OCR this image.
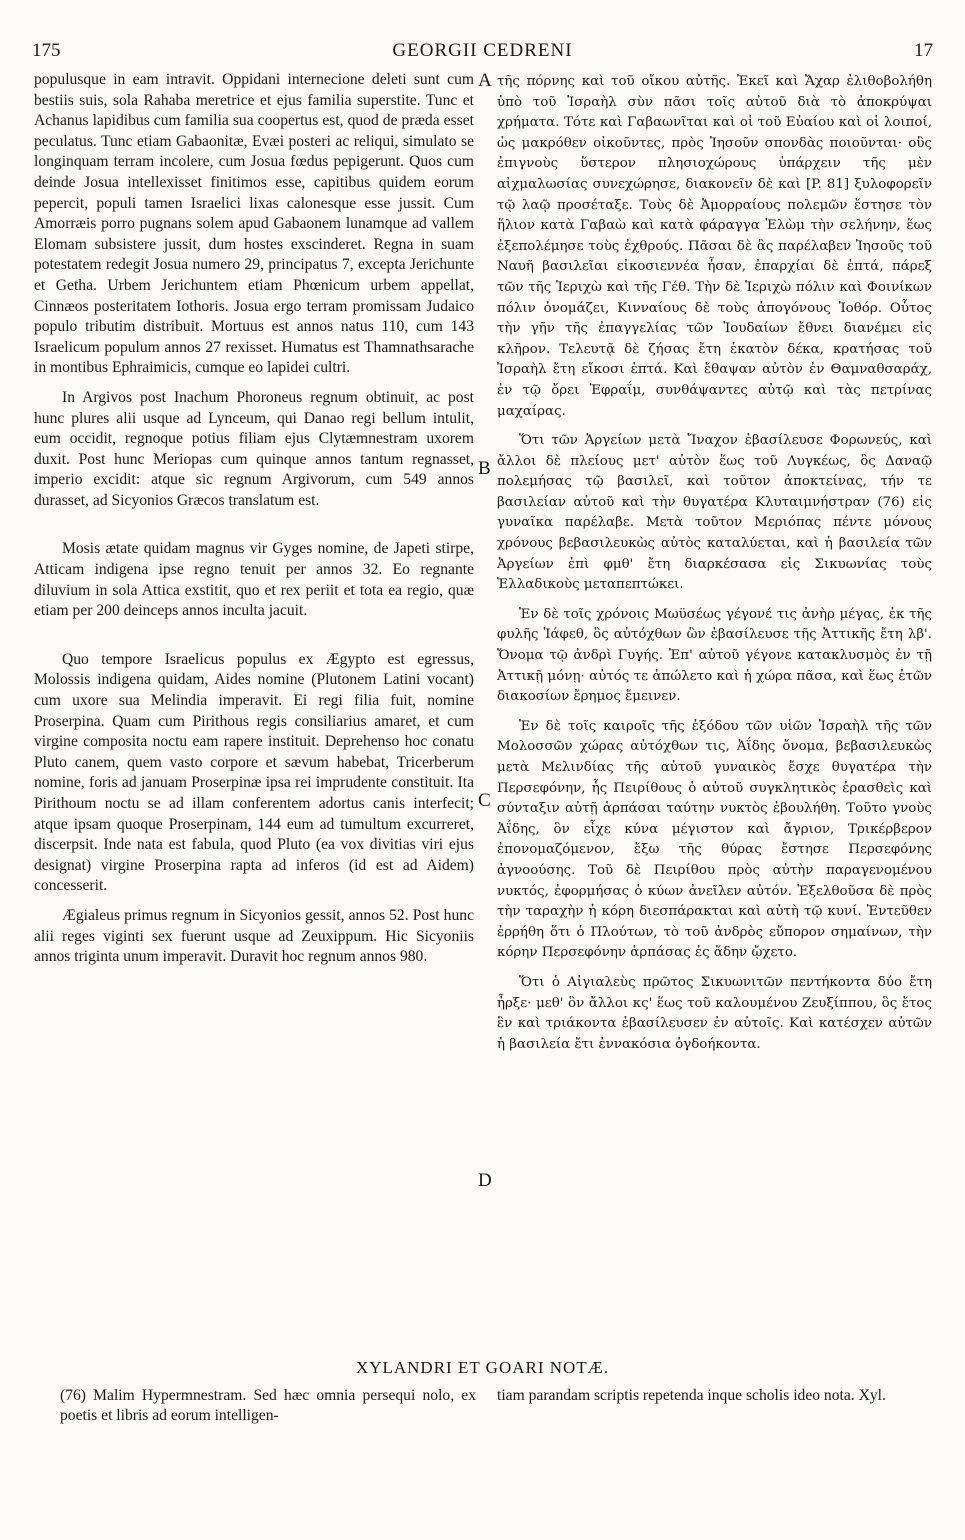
175	GEORGII CEDRENI	17

populusque in eam intravit. Oppidani internecione deleti sunt cum bestiis suis, sola Rahaba meretrice et ejus familia superstite. Tunc et Achanus lapidibus cum familia sua coopertus est, quod de præda esset peculatus. Tunc etiam Gabaonitæ, Evæi posteri ac reliqui, simulato se longinquam terram incolere, cum Josua fœdus pepigerunt. Quos cum deinde Josua intellexisset finitimos esse, capitibus quidem eorum pepercit, populi tamen Israelici lixas calonesque esse jussit. Cum Amorræis porro pugnans solem apud Gabaonem lunamque ad vallem Elomam subsistere jussit, dum hostes exscinderet. Regna in suam potestatem redegit Josua numero 29, principatus 7, excepta Jerichunte et Getha. Urbem Jerichuntem etiam Phœnicum urbem appellat, Cinnæos posteritatem Iothoris. Josua ergo terram promissam Judaico populo tributim distribuit. Mortuus est annos natus 110, cum 143 Israelicum populum annos 27 rexisset. Humatus est Thamnathsarache in montibus Ephraimicis, cumque eo lapidei cultri.

In Argivos post Inachum Phoroneus regnum obtinuit, ac post hunc plures alii usque ad Lynceum, qui Danao regi bellum intulit, eum occidit, regnoque potius filiam ejus Clytæmnestram uxorem duxit. Post hunc Meriopas cum quinque annos tantum regnasset, imperio excidit: atque sic regnum Argivorum, cum 549 annos durasset, ad Sicyonios Græcos translatum est.

Mosis ætate quidam magnus vir Gyges nomine, de Japeti stirpe, Atticam indigena ipse regno tenuit per annos 32. Eo regnante diluvium in sola Attica exstitit, quo et rex periit et tota ea regio, quæ etiam per 200 deinceps annos inculta jacuit.

Quo tempore Israelicus populus ex Ægypto est egressus, Molossis indigena quidam, Aides nomine (Plutonem Latini vocant) cum uxore sua Melindia imperavit. Ei regi filia fuit, nomine Proserpina. Quam cum Pirithous regis consiliarius amaret, et cum virgine composita noctu eam rapere instituit. Deprehenso hoc conatu Pluto canem, quem vasto corpore et sævum habebat, Tricerberum nomine, foris ad januam Proserpinæ ipsa rei imprudente constituit. Ita Pirithoum noctu se ad illam conferentem adortus canis interfecit; atque ipsam quoque Proserpinam, 144 eum ad tumultum excurreret, discerpsit. Inde nata est fabula, quod Pluto (ea vox divitias viri ejus designat) virgine Proserpina rapta ad inferos (id est ad Aidem) concesserit.

Ægialeus primus regnum in Sicyonios gessit, annos 52. Post hunc alii reges viginti sex fuerunt usque ad Zeuxippum. Hic Sicyoniis annos triginta unum imperavit. Duravit hoc regnum annos 980.

A
B
C
D

τῆς πόρνης καὶ τοῦ οἴκου αὐτῆς. Ἐκεῖ καὶ Ἄχαρ ἐλιθοβολήθη ὑπὸ τοῦ Ἰσραὴλ σὺν πᾶσι τοῖς αὐτοῦ διὰ τὸ ἀποκρύψαι χρήματα. Τότε καὶ Γαβαωνῖται καὶ οἱ τοῦ Εὐαίου καὶ οἱ λοιποί, ὡς μακρόθεν οἰκοῦντες, πρὸς Ἰησοῦν σπονδὰς ποιοῦνται· οὓς ἐπιγνοὺς ὕστερον πλησιοχώρους ὑπάρχειν τῆς μὲν αἰχμαλωσίας συνεχώρησε, διακονεῖν δὲ καὶ [P. 81] ξυλοφορεῖν τῷ λαῷ προσέταξε. Τοὺς δὲ Ἀμορραίους πολεμῶν ἔστησε τὸν ἥλιον κατὰ Γαβαὼ καὶ κατὰ φάραγγα Ἐλὼμ τὴν σελήνην, ἕως ἐξεπολέμησε τοὺς ἐχθρούς. Πᾶσαι δὲ ἃς παρέλαβεν Ἰησοῦς τοῦ Ναυῆ βασιλεῖαι εἰκοσιεννέα ἦσαν, ἐπαρχίαι δὲ ἑπτά, πάρεξ τῶν τῆς Ἱεριχὼ καὶ τῆς Γέθ. Τὴν δὲ Ἱεριχὼ πόλιν καὶ Φοινίκων πόλιν ὀνομάζει, Κινναίους δὲ τοὺς ἀπογόνους Ἰοθόρ. Οὗτος τὴν γῆν τῆς ἐπαγγελίας τῶν Ἰουδαίων ἔθνει διανέμει εἰς κλῆρον. Τελευτᾷ δὲ ζήσας ἔτη ἑκατὸν δέκα, κρατήσας τοῦ Ἰσραὴλ ἔτη εἴκοσι ἑπτά. Καὶ ἔθαψαν αὐτὸν ἐν Θαμναθσαράχ, ἐν τῷ ὄρει Ἐφραΐμ, συνθάψαντες αὐτῷ καὶ τὰς πετρίνας μαχαίρας.

Ὅτι τῶν Ἀργείων μετὰ Ἴναχον ἐβασίλευσε Φορωνεύς, καὶ ἄλλοι δὲ πλείους μετ' αὐτὸν ἕως τοῦ Λυγκέως, ὃς Δαναῷ πολεμήσας τῷ βασιλεῖ, καὶ τοῦτον ἀποκτείνας, τήν τε βασιλείαν αὐτοῦ καὶ τὴν θυγατέρα Κλυταιμνήστραν (76) εἰς γυναῖκα παρέλαβε. Μετὰ τοῦτον Μεριόπας πέντε μόνους χρόνους βεβασιλευκὼς αὐτὸς καταλύεται, καὶ ἡ βασιλεία τῶν Ἀργείων ἐπὶ φμθ' ἔτη διαρκέσασα εἰς Σικυωνίας τοὺς Ἑλλαδικοὺς μεταπεπτώκει.

Ἐν δὲ τοῖς χρόνοις Μωϋσέως γέγονέ τις ἀνὴρ μέγας, ἐκ τῆς φυλῆς Ἰάφεθ, ὃς αὐτόχθων ὢν ἐβασίλευσε τῆς Ἀττικῆς ἔτη λβ'. Ὄνομα τῷ ἀνδρὶ Γυγής. Ἐπ' αὐτοῦ γέγονε κατακλυσμὸς ἐν τῇ Ἀττικῇ μόνῃ· αὐτός τε ἀπώλετο καὶ ἡ χώρα πᾶσα, καὶ ἕως ἐτῶν διακοσίων ἔρημος ἔμεινεν.

Ἐν δὲ τοῖς καιροῖς τῆς ἐξόδου τῶν υἱῶν Ἰσραὴλ τῆς τῶν Μολοσσῶν χώρας αὐτόχθων τις, Ἀΐδης ὄνομα, βεβασιλευκὼς μετὰ Μελινδίας τῆς αὐτοῦ γυναικὸς ἔσχε θυγατέρα τὴν Περσεφόνην, ἧς Πειρίθους ὁ αὐτοῦ συγκλητικὸς ἐρασθεὶς καὶ σύνταξιν αὐτῇ ἁρπάσαι ταύτην νυκτὸς ἐβουλήθη. Τοῦτο γνοὺς Ἀΐδης, ὃν εἶχε κύνα μέγιστον καὶ ἄγριον, Τρικέρβερον ἐπονομαζόμενον, ἔξω τῆς θύρας ἔστησε Περσεφόνης ἀγνοούσης. Τοῦ δὲ Πειρίθου πρὸς αὐτὴν παραγενομένου νυκτός, ἐφορμήσας ὁ κύων ἀνεῖλεν αὐτόν. Ἐξελθοῦσα δὲ πρὸς τὴν ταραχὴν ἡ κόρη διεσπάρακται καὶ αὐτὴ τῷ κυνί. Ἐντεῦθεν ἐρρήθη ὅτι ὁ Πλούτων, τὸ τοῦ ἀνδρὸς εὔπορον σημαίνων, τὴν κόρην Περσεφόνην ἁρπάσας ἐς ἅδην ᾤχετο.

Ὅτι ὁ Αἰγιαλεὺς πρῶτος Σικυωνιτῶν πεντήκοντα δύο ἔτη ἦρξε· μεθ' ὃν ἄλλοι κς' ἕως τοῦ καλουμένου Ζευξίππου, ὃς ἔτος ἓν καὶ τριάκοντα ἐβασίλευσεν ἐν αὐτοῖς. Καὶ κατέσχεν αὐτῶν ἡ βασιλεία ἔτι ἐννακόσια ὀγδοήκοντα.

XYLANDRI ET GOARI NOTÆ.
(76) Malim Hypermnestram. Sed hæc omnia persequi nolo, ex poetis et libris ad eorum intelligen-
tiam parandam scriptis repetenda inque scholis ideo nota. Xyl.
